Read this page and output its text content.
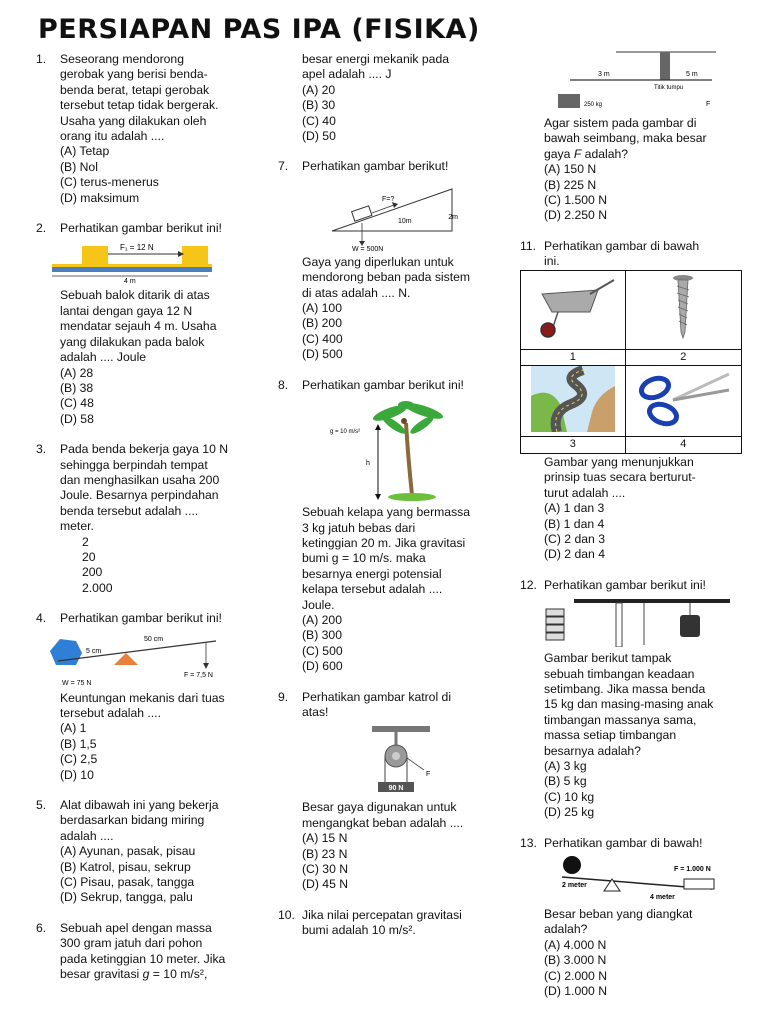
PERSIAPAN PAS IPA (FISIKA)
1. Seseorang mendorong
gerobak yang berisi benda-
benda berat, tetapi gerobak
tersebut tetap tidak bergerak.
Usaha yang dilakukan oleh
orang itu adalah ....
(A) Tetap
(B) Nol
(C) terus-menerus
(D) maksimum
2. Perhatikan gambar berikut ini!
F₁ = 12 N
4 m
Sebuah balok ditarik di atas
lantai dengan gaya 12 N
mendatar sejauh 4 m. Usaha
yang dilakukan pada balok
adalah .... Joule
(A) 28
(B) 38
(C) 48
(D) 58
3. Pada benda bekerja gaya 10 N
sehingga berpindah tempat
dan menghasilkan usaha 200
Joule. Besarnya perpindahan
benda tersebut adalah ....
meter.
2
20
200
2.000
4. Perhatikan gambar berikut ini!
5 cm
50 cm
F = 7,5 N
W = 75 N
Keuntungan mekanis dari tuas
tersebut adalah ....
(A) 1
(B) 1,5
(C) 2,5
(D) 10
5. Alat dibawah ini yang bekerja
berdasarkan bidang miring
adalah ....
(A) Ayunan, pasak, pisau
(B) Katrol, pisau, sekrup
(C) Pisau, pasak, tangga
(D) Sekrup, tangga, palu
6. Sebuah apel dengan massa
300 gram jatuh dari pohon
pada ketinggian 10 meter. Jika
besar gravitasi g = 10 m/s²,
besar energi mekanik pada
apel adalah .... J
(A) 20
(B) 30
(C) 40
(D) 50
7. Perhatikan gambar berikut!
F=?
10m
2m
W = 500N
Gaya yang diperlukan untuk
mendorong beban pada sistem
di atas adalah .... N.
(A) 100
(B) 200
(C) 400
(D) 500
8. Perhatikan gambar berikut ini!
g = 10 m/s²
h
Sebuah kelapa yang bermassa
3 kg jatuh bebas dari
ketinggian 20 m. Jika gravitasi
bumi g = 10 m/s. maka
besarnya energi potensial
kelapa tersebut adalah ....
Joule.
(A) 200
(B) 300
(C) 500
(D) 600
9. Perhatikan gambar katrol di
atas!
F
90 N
Besar gaya digunakan untuk
mengangkat beban adalah ....
(A) 15 N
(B) 23 N
(C) 30 N
(D) 45 N
10. Jika nilai percepatan gravitasi
bumi adalah 10 m/s².
3 m	5 m
Titik tumpu
250 kg	F
Agar sistem pada gambar di
bawah seimbang, maka besar
gaya F adalah?
(A) 150 N
(B) 225 N
(C) 1.500 N
(D) 2.250 N
11. Perhatikan gambar di bawah
ini.

1	2

3	4
Gambar yang menunjukkan
prinsip tuas secara berturut-
turut adalah ....
(A) 1 dan 3
(B) 1 dan 4
(C) 2 dan 3
(D) 2 dan 4
12. Perhatikan gambar berikut ini!
Gambar berikut tampak
sebuah timbangan keadaan
setimbang. Jika massa benda
15 kg dan masing-masing anak
timbangan massanya sama,
massa setiap timbangan
besarnya adalah?
(A) 3 kg
(B) 5 kg
(C) 10 kg
(D) 25 kg
13. Perhatikan gambar di bawah!
F = 1.000 N
2 meter
4 meter
Besar beban yang diangkat
adalah?
(A) 4.000 N
(B) 3.000 N
(C) 2.000 N
(D) 1.000 N
